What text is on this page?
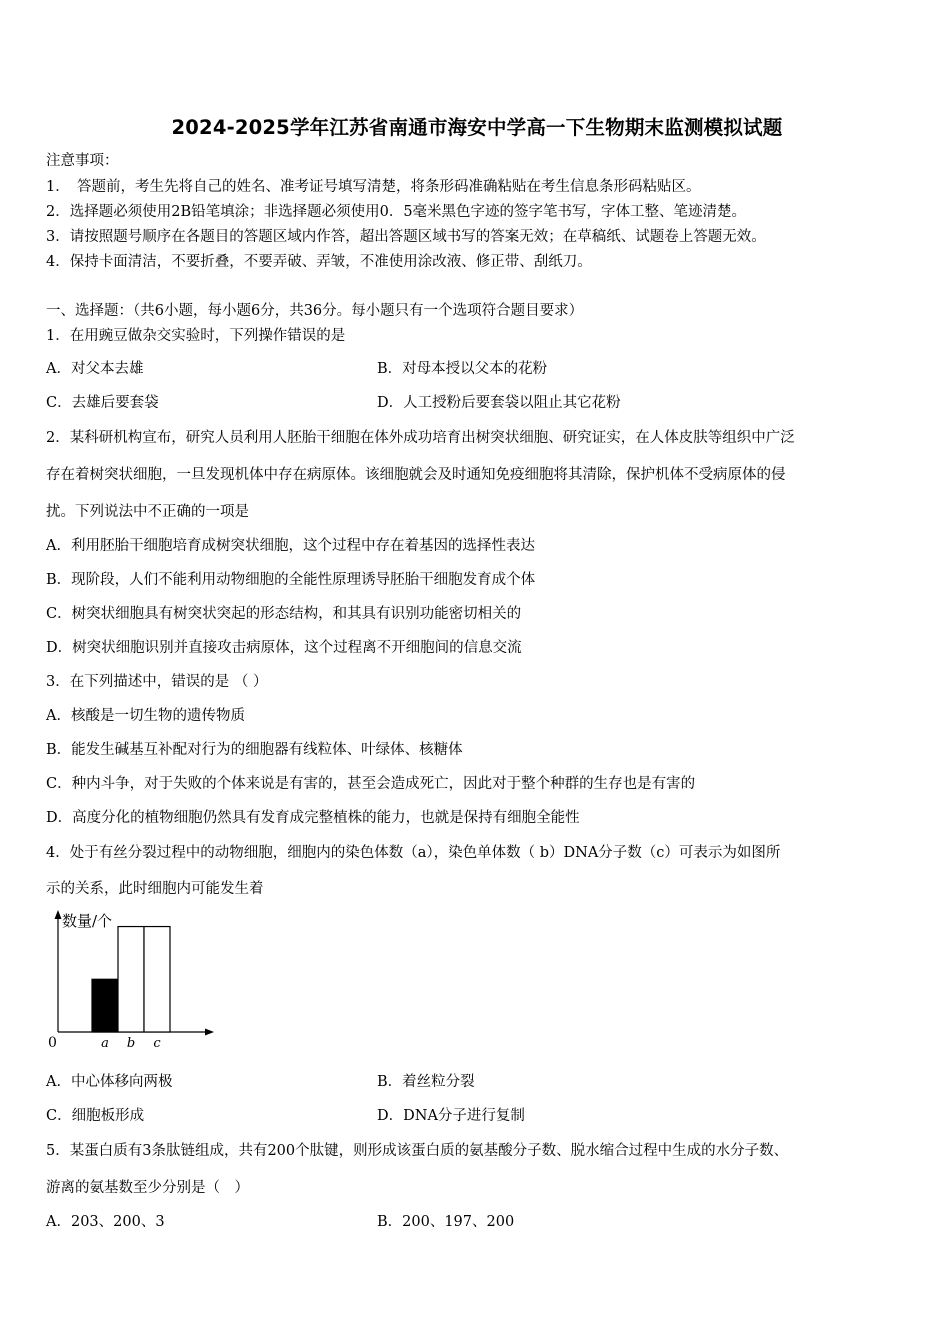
2024-2025学年江苏省南通市海安中学高一下生物期末监测模拟试题
注意事项：
1．　答题前，考生先将自己的姓名、准考证号填写清楚，将条形码准确粘贴在考生信息条形码粘贴区。
2．选择题必须使用2B铅笔填涂；非选择题必须使用0．5毫米黑色字迹的签字笔书写，字体工整、笔迹清楚。
3．请按照题号顺序在各题目的答题区域内作答，超出答题区域书写的答案无效；在草稿纸、试题卷上答题无效。
4．保持卡面清洁，不要折叠，不要弄破、弄皱，不准使用涂改液、修正带、刮纸刀。
一、选择题：（共6小题，每小题6分，共36分。每小题只有一个选项符合题目要求）
1．在用豌豆做杂交实验时，下列操作错误的是
A．对父本去雄	B．对母本授以父本的花粉
C．去雄后要套袋	D．人工授粉后要套袋以阻止其它花粉
2．某科研机构宣布，研究人员利用人胚胎干细胞在体外成功培育出树突状细胞、研究证实，在人体皮肤等组织中广泛
存在着树突状细胞，一旦发现机体中存在病原体。该细胞就会及时通知免疫细胞将其清除，保护机体不受病原体的侵
扰。下列说法中不正确的一项是
A．利用胚胎干细胞培育成树突状细胞，这个过程中存在着基因的选择性表达
B．现阶段，人们不能利用动物细胞的全能性原理诱导胚胎干细胞发育成个体
C．树突状细胞具有树突状突起的形态结构，和其具有识别功能密切相关的
D．树突状细胞识别并直接攻击病原体，这个过程离不开细胞间的信息交流
3．在下列描述中，错误的是 （ ）
A．核酸是一切生物的遗传物质
B．能发生碱基互补配对行为的细胞器有线粒体、叶绿体、核糖体
C．种内斗争，对于失败的个体来说是有害的，甚至会造成死亡，因此对于整个种群的生存也是有害的
D．高度分化的植物细胞仍然具有发育成完整植株的能力，也就是保持有细胞全能性
4．处于有丝分裂过程中的动物细胞，细胞内的染色体数（a），染色单体数（ b）DNA分子数（c）可表示为如图所
示的关系，此时细胞内可能发生着
数量/个
0	a b c
A．中心体移向两极	B．着丝粒分裂
C．细胞板形成	D．DNA分子进行复制
5．某蛋白质有3条肽链组成，共有200个肽键，则形成该蛋白质的氨基酸分子数、脱水缩合过程中生成的水分子数、
游离的氨基数至少分别是（　）
A．203、200、3	B．200、197、200
